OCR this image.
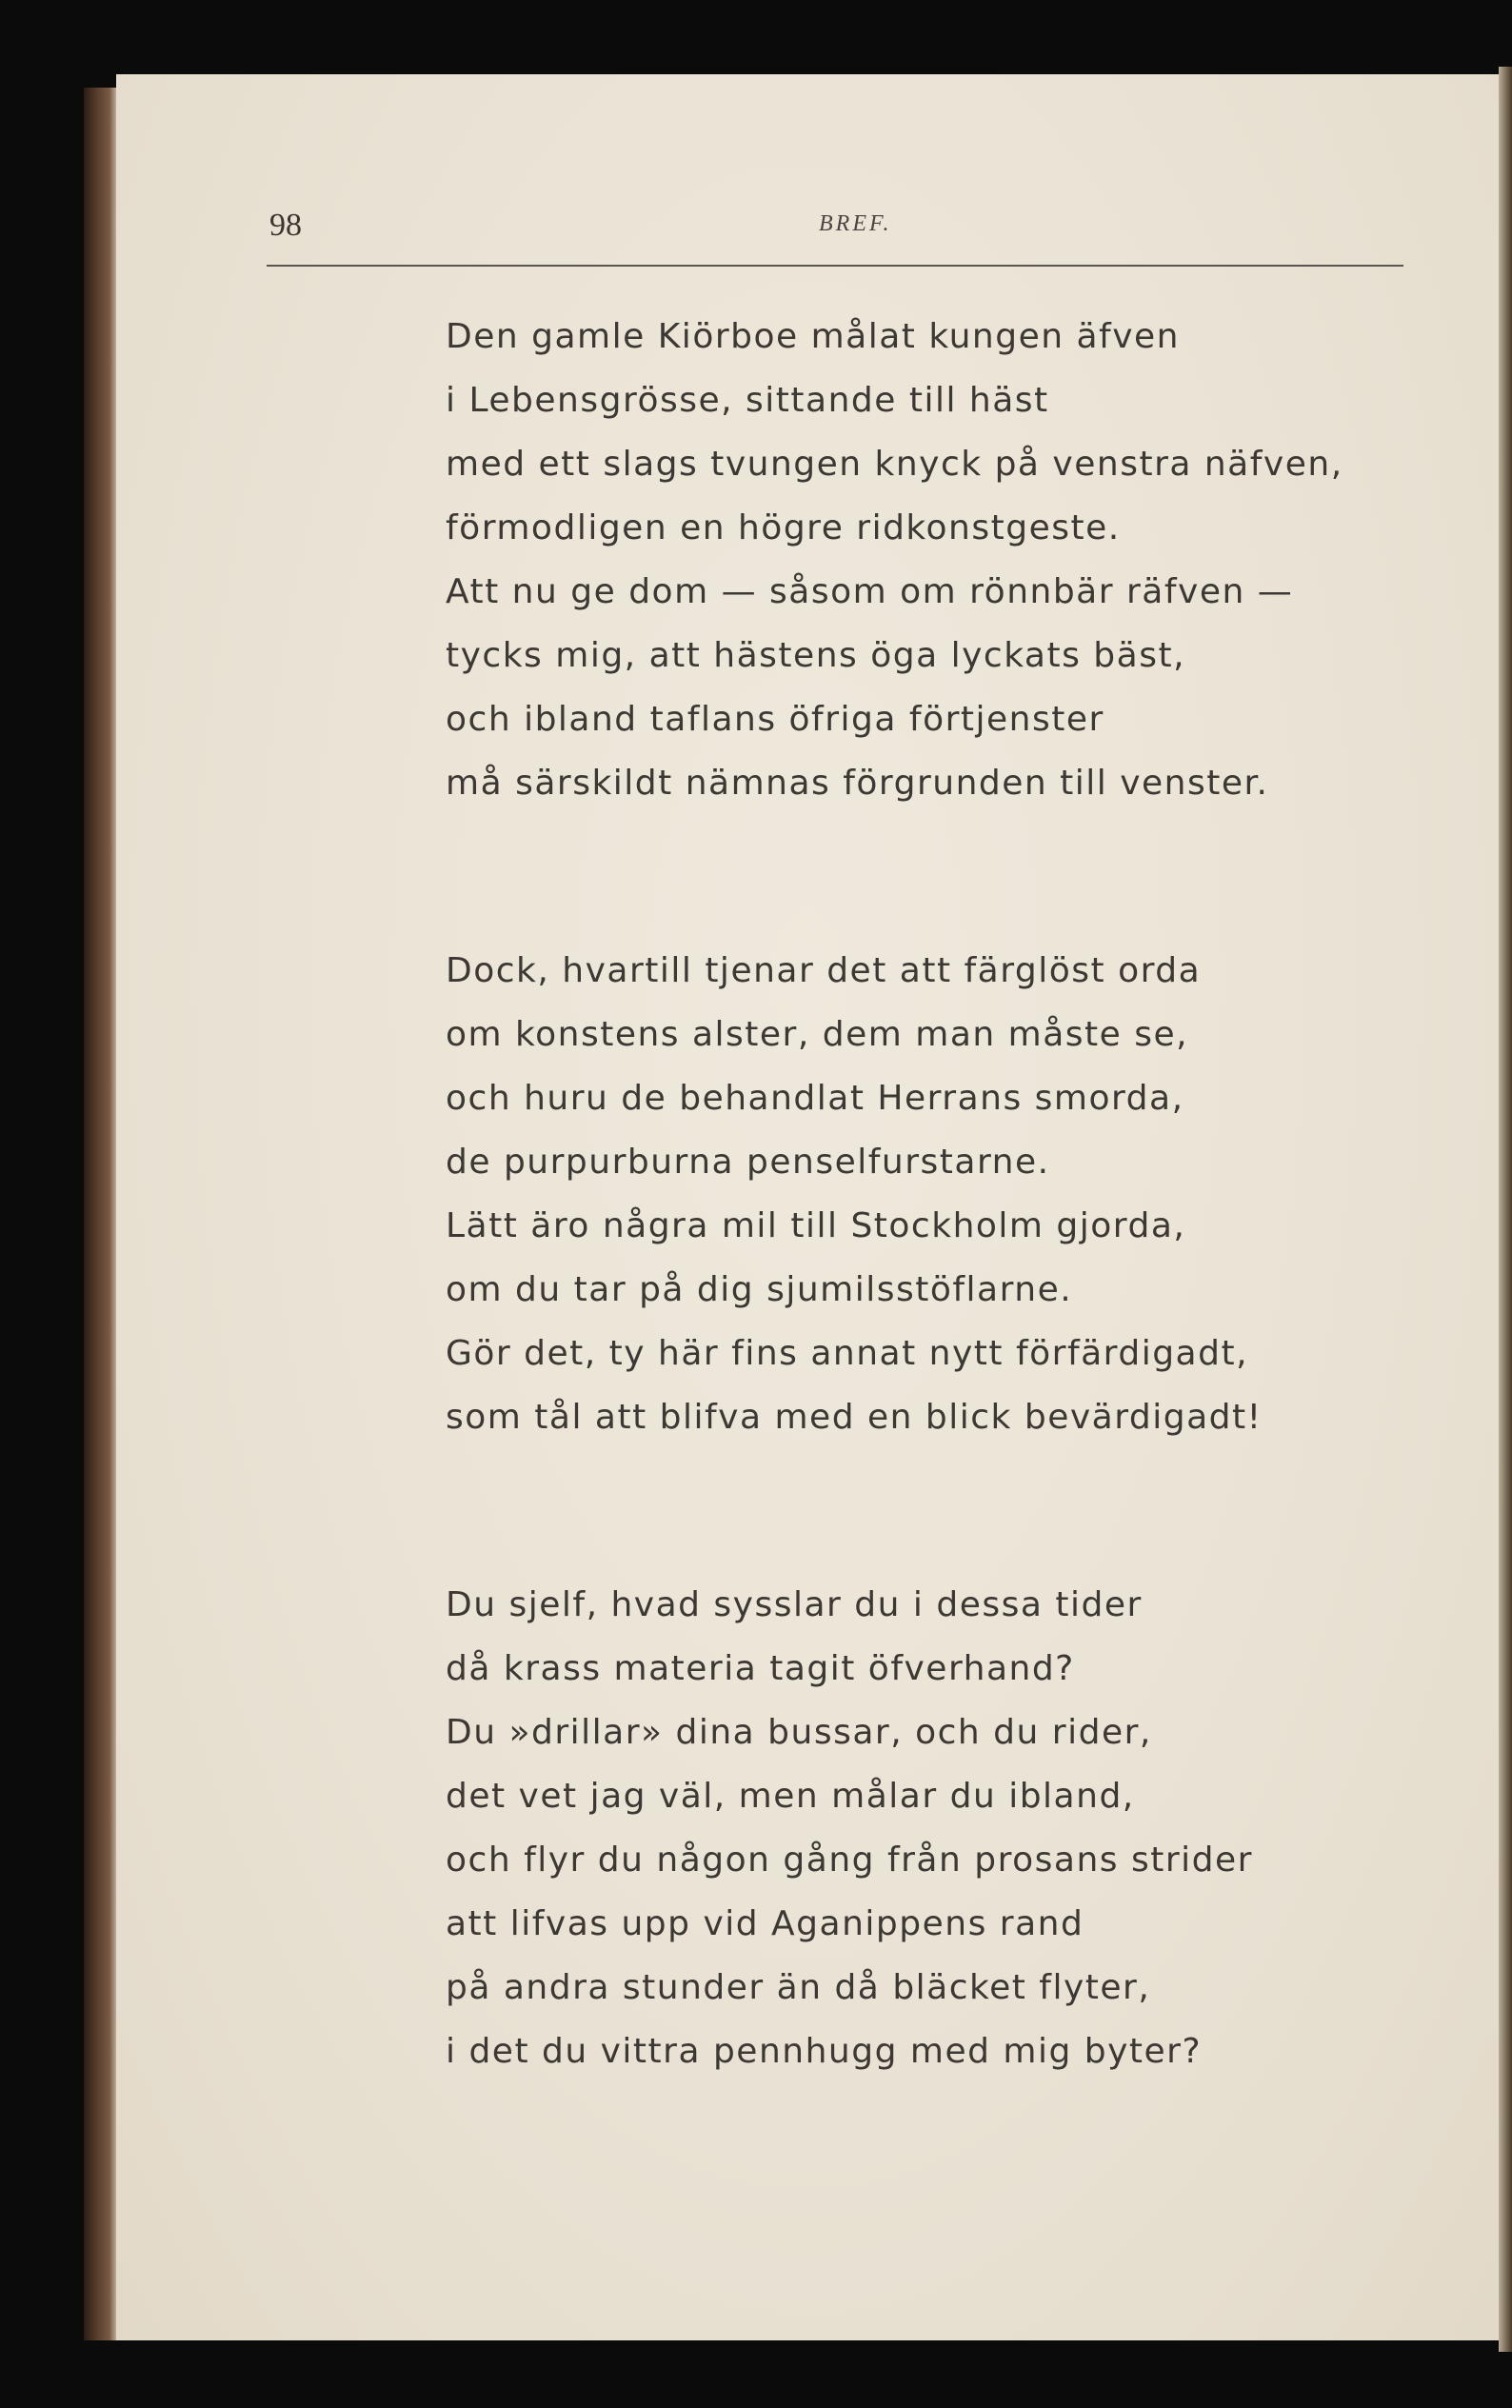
98	BREF.

Den gamle Kiörboe målat kungen äfven
i Lebensgrösse, sittande till häst
med ett slags tvungen knyck på venstra näfven,
förmodligen en högre ridkonstgeste.
Att nu ge dom — såsom om rönnbär räfven —
tycks mig, att hästens öga lyckats bäst,
och ibland taflans öfriga förtjenster
må särskildt nämnas förgrunden till venster.
Dock, hvartill tjenar det att färglöst orda
om konstens alster, dem man måste se,
och huru de behandlat Herrans smorda,
de purpurburna penselfurstarne.
Lätt äro några mil till Stockholm gjorda,
om du tar på dig sjumilsstöflarne.
Gör det, ty här fins annat nytt förfärdigadt,
som tål att blifva med en blick bevärdigadt!
Du sjelf, hvad sysslar du i dessa tider
då krass materia tagit öfverhand?
Du »drillar» dina bussar, och du rider,
det vet jag väl, men målar du ibland,
och flyr du någon gång från prosans strider
att lifvas upp vid Aganippens rand
på andra stunder än då bläcket flyter,
i det du vittra pennhugg med mig byter?
